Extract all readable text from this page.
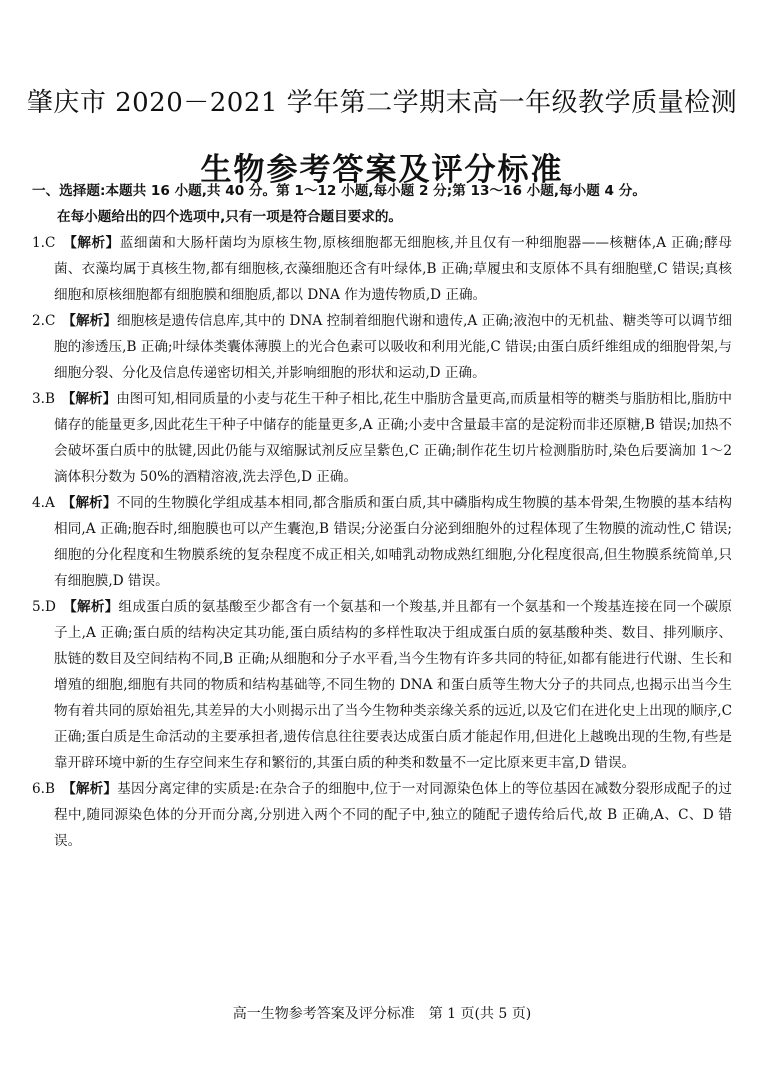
肇庆市 2020－2021 学年第二学期末高一年级教学质量检测
生物参考答案及评分标准
一、选择题:本题共 16 小题,共 40 分。第 1～12 小题,每小题 2 分;第 13～16 小题,每小题 4 分。
在每小题给出的四个选项中,只有一项是符合题目要求的。

1.C　 【解析】蓝细菌和大肠杆菌均为原核生物,原核细胞都无细胞核,并且仅有一种细胞器——核糖体,A 正确;酵母菌、衣藻均属于真核生物,都有细胞核,衣藻细胞还含有叶绿体,B 正确;草履虫和支原体不具有细胞壁,C 错误;真核细胞和原核细胞都有细胞膜和细胞质,都以 DNA 作为遗传物质,D 正确。

2.C　 【解析】细胞核是遗传信息库,其中的 DNA 控制着细胞代谢和遗传,A 正确;液泡中的无机盐、糖类等可以调节细胞的渗透压,B 正确;叶绿体类囊体薄膜上的光合色素可以吸收和利用光能,C 错误;由蛋白质纤维组成的细胞骨架,与细胞分裂、分化及信息传递密切相关,并影响细胞的形状和运动,D 正确。

3.B　 【解析】由图可知,相同质量的小麦与花生干种子相比,花生中脂肪含量更高,而质量相等的糖类与脂肪相比,脂肪中储存的能量更多,因此花生干种子中储存的能量更多,A 正确;小麦中含量最丰富的是淀粉而非还原糖,B 错误;加热不会破坏蛋白质中的肽键,因此仍能与双缩脲试剂反应呈紫色,C 正确;制作花生切片检测脂肪时,染色后要滴加 1～2 滴体积分数为 50%的酒精溶液,洗去浮色,D 正确。

4.A　 【解析】不同的生物膜化学组成基本相同,都含脂质和蛋白质,其中磷脂构成生物膜的基本骨架,生物膜的基本结构相同,A 正确;胞吞时,细胞膜也可以产生囊泡,B 错误;分泌蛋白分泌到细胞外的过程体现了生物膜的流动性,C 错误;细胞的分化程度和生物膜系统的复杂程度不成正相关,如哺乳动物成熟红细胞,分化程度很高,但生物膜系统简单,只有细胞膜,D 错误。

5.D　 【解析】组成蛋白质的氨基酸至少都含有一个氨基和一个羧基,并且都有一个氨基和一个羧基连接在同一个碳原子上,A 正确;蛋白质的结构决定其功能,蛋白质结构的多样性取决于组成蛋白质的氨基酸种类、数目、排列顺序、肽链的数目及空间结构不同,B 正确;从细胞和分子水平看,当今生物有许多共同的特征,如都有能进行代谢、生长和增殖的细胞,细胞有共同的物质和结构基础等,不同生物的 DNA 和蛋白质等生物大分子的共同点,也揭示出当今生物有着共同的原始祖先,其差异的大小则揭示出了当今生物种类亲缘关系的远近,以及它们在进化史上出现的顺序,C 正确;蛋白质是生命活动的主要承担者,遗传信息往往要表达成蛋白质才能起作用,但进化上越晚出现的生物,有些是靠开辟环境中新的生存空间来生存和繁衍的,其蛋白质的种类和数量不一定比原来更丰富,D 错误。

6.B　 【解析】基因分离定律的实质是:在杂合子的细胞中,位于一对同源染色体上的等位基因在减数分裂形成配子的过程中,随同源染色体的分开而分离,分别进入两个不同的配子中,独立的随配子遗传给后代,故 B 正确,A、C、D 错误。

高一生物参考答案及评分标准　第 1 页(共 5 页)
